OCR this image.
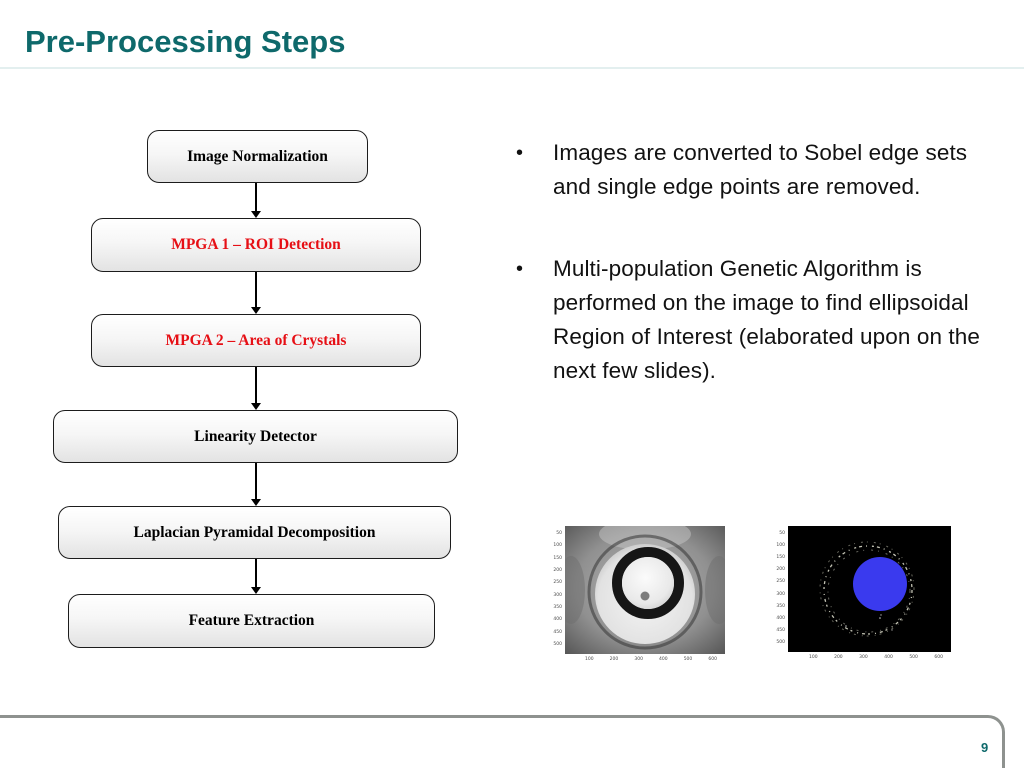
Pre-Processing Steps
Image Normalization
MPGA 1 – ROI Detection
MPGA 2 – Area of Crystals
Linearity Detector
Laplacian Pyramidal Decomposition
Feature Extraction
•	Images are converted to Sobel edge sets and single edge points are removed.
•	Multi-population Genetic Algorithm is performed on the image to find ellipsoidal Region of Interest (elaborated upon on the next few slides).
50
100
150
200
250
300
350
400
450
500
100	200	300	400	500	600
50
100
150
200
250
300
350
400
450
500
100	200	300	400	500	600
9
